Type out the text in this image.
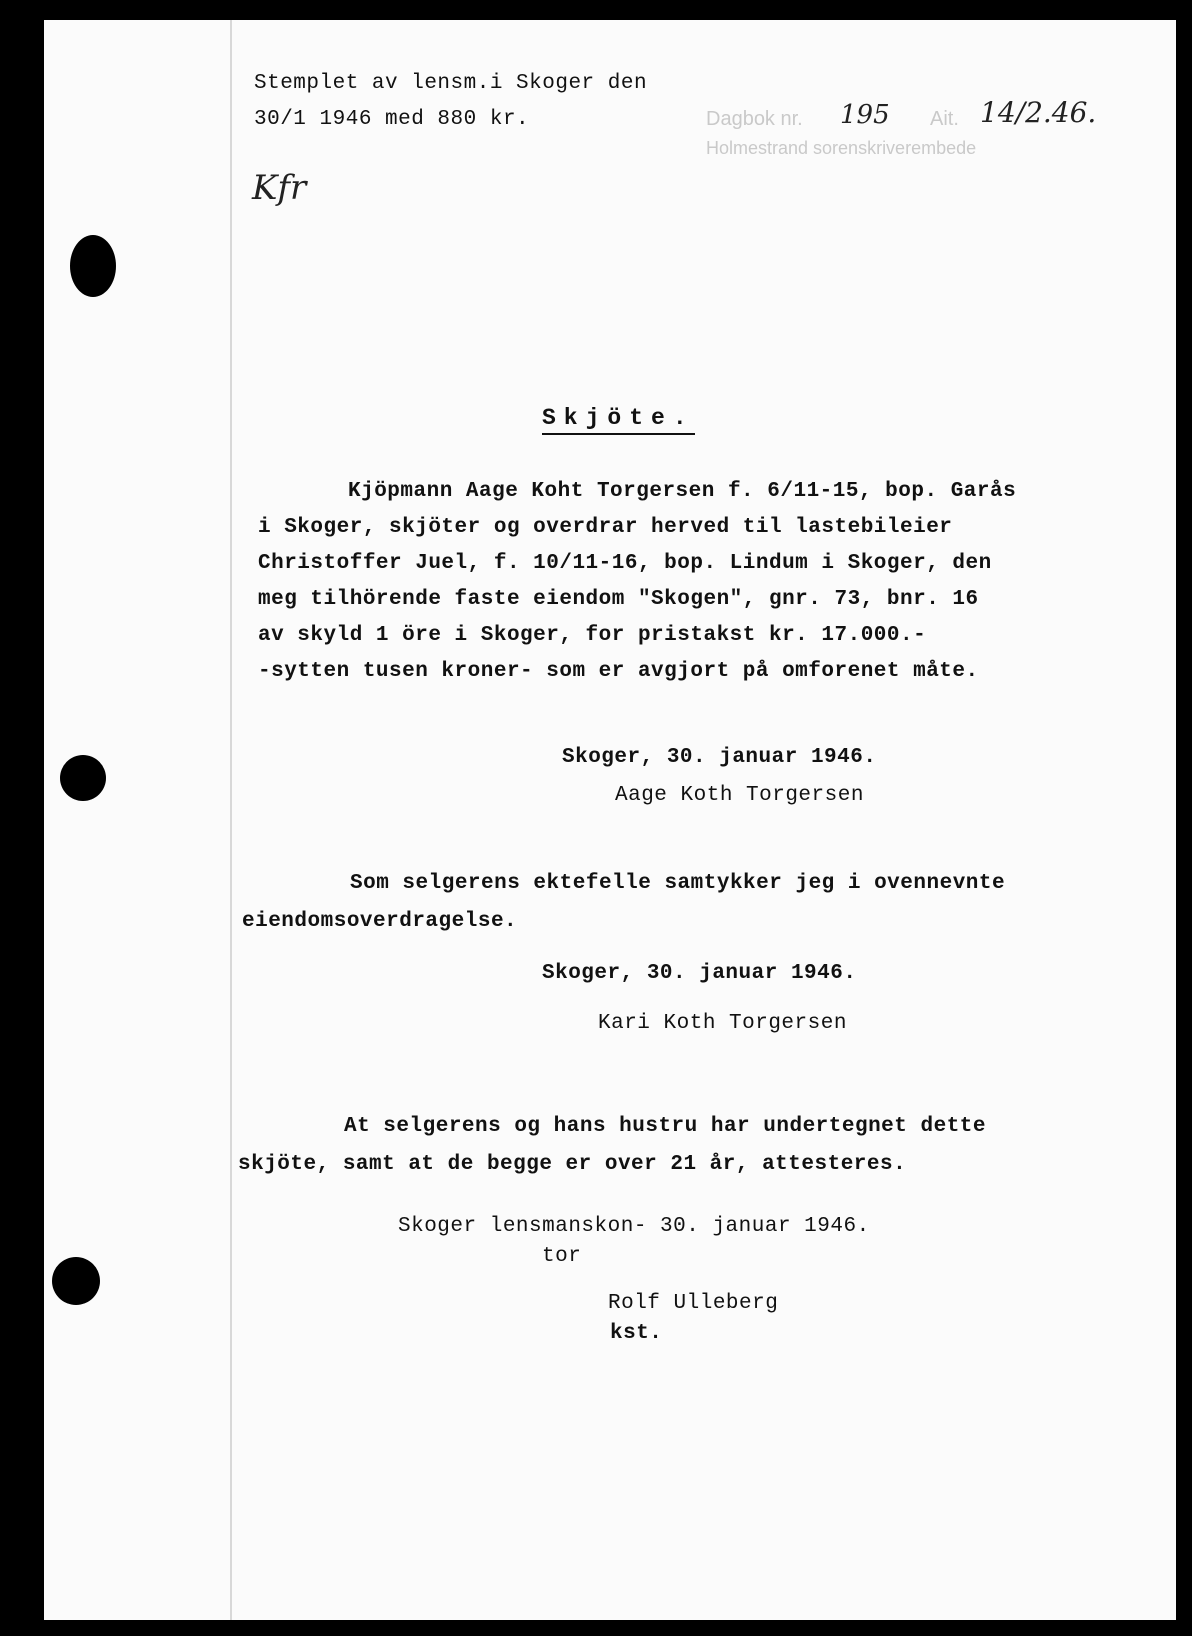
Stemplet av lensm.i Skoger den
30/1 1946 med 880 kr.	Dagbok nr. 195 Ait. 14/2.46.
Holmestrand sorenskriverembede
Kfr
Skjöte.
Kjöpmann Aage Koht Torgersen f. 6/11-15, bop. Garås
i Skoger, skjöter og overdrar herved til lastebileier
Christoffer Juel, f. 10/11-16, bop. Lindum i Skoger, den
meg tilhörende faste eiendom "Skogen", gnr. 73, bnr. 16
av skyld 1 öre i Skoger, for pristakst kr. 17.000.-
-sytten tusen kroner- som er avgjort på omforenet måte.
Skoger, 30. januar 1946.
Aage Koth Torgersen
Som selgerens ektefelle samtykker jeg i ovennevnte
eiendomsoverdragelse.
Skoger, 30. januar 1946.
Kari Koth Torgersen
At selgerens og hans hustru har undertegnet dette
skjöte, samt at de begge er over 21 år, attesteres.
Skoger lensmanskon- 30. januar 1946.
tor
Rolf Ulleberg
kst.
